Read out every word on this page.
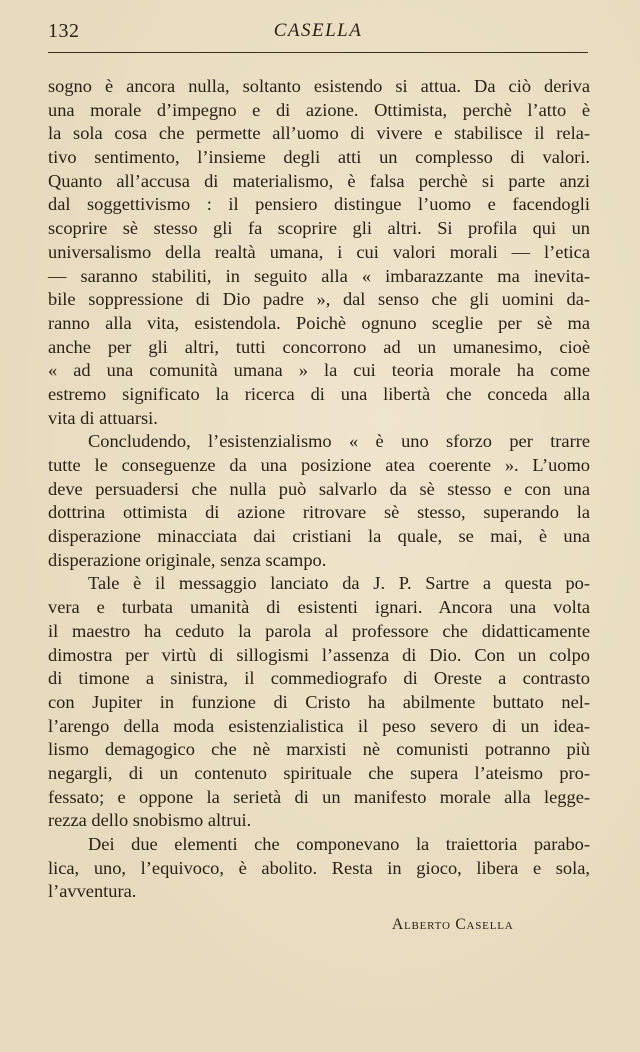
132	CASELLA
sogno è ancora nulla, soltanto esistendo si attua. Da ciò deriva
una morale d’impegno e di azione. Ottimista, perchè l’atto è
la sola cosa che permette all’uomo di vivere e stabilisce il rela-
tivo sentimento, l’insieme degli atti un complesso di valori.
Quanto all’accusa di materialismo, è falsa perchè si parte anzi
dal soggettivismo : il pensiero distingue l’uomo e facendogli
scoprire sè stesso gli fa scoprire gli altri. Si profila qui un
universalismo della realtà umana, i cui valori morali — l’etica
— saranno stabiliti, in seguito alla « imbarazzante ma inevita-
bile soppressione di Dio padre », dal senso che gli uomini da-
ranno alla vita, esistendola. Poichè ognuno sceglie per sè ma
anche per gli altri, tutti concorrono ad un umanesimo, cioè
« ad una comunità umana » la cui teoria morale ha come
estremo significato la ricerca di una libertà che conceda alla
vita di attuarsi.
Concludendo, l’esistenzialismo « è uno sforzo per trarre
tutte le conseguenze da una posizione atea coerente ». L’uomo
deve persuadersi che nulla può salvarlo da sè stesso e con una
dottrina ottimista di azione ritrovare sè stesso, superando la
disperazione minacciata dai cristiani la quale, se mai, è una
disperazione originale, senza scampo.
Tale è il messaggio lanciato da J. P. Sartre a questa po-
vera e turbata umanità di esistenti ignari. Ancora una volta
il maestro ha ceduto la parola al professore che didatticamente
dimostra per virtù di sillogismi l’assenza di Dio. Con un colpo
di timone a sinistra, il commediografo di Oreste a contrasto
con Jupiter in funzione di Cristo ha abilmente buttato nel-
l’arengo della moda esistenzialistica il peso severo di un idea-
lismo demagogico che nè marxisti nè comunisti potranno più
negargli, di un contenuto spirituale che supera l’ateismo pro-
fessato; e oppone la serietà di un manifesto morale alla legge-
rezza dello snobismo altrui.
Dei due elementi che componevano la traiettoria parabo-
lica, uno, l’equivoco, è abolito. Resta in gioco, libera e sola,
l’avventura.
Alberto Casella
